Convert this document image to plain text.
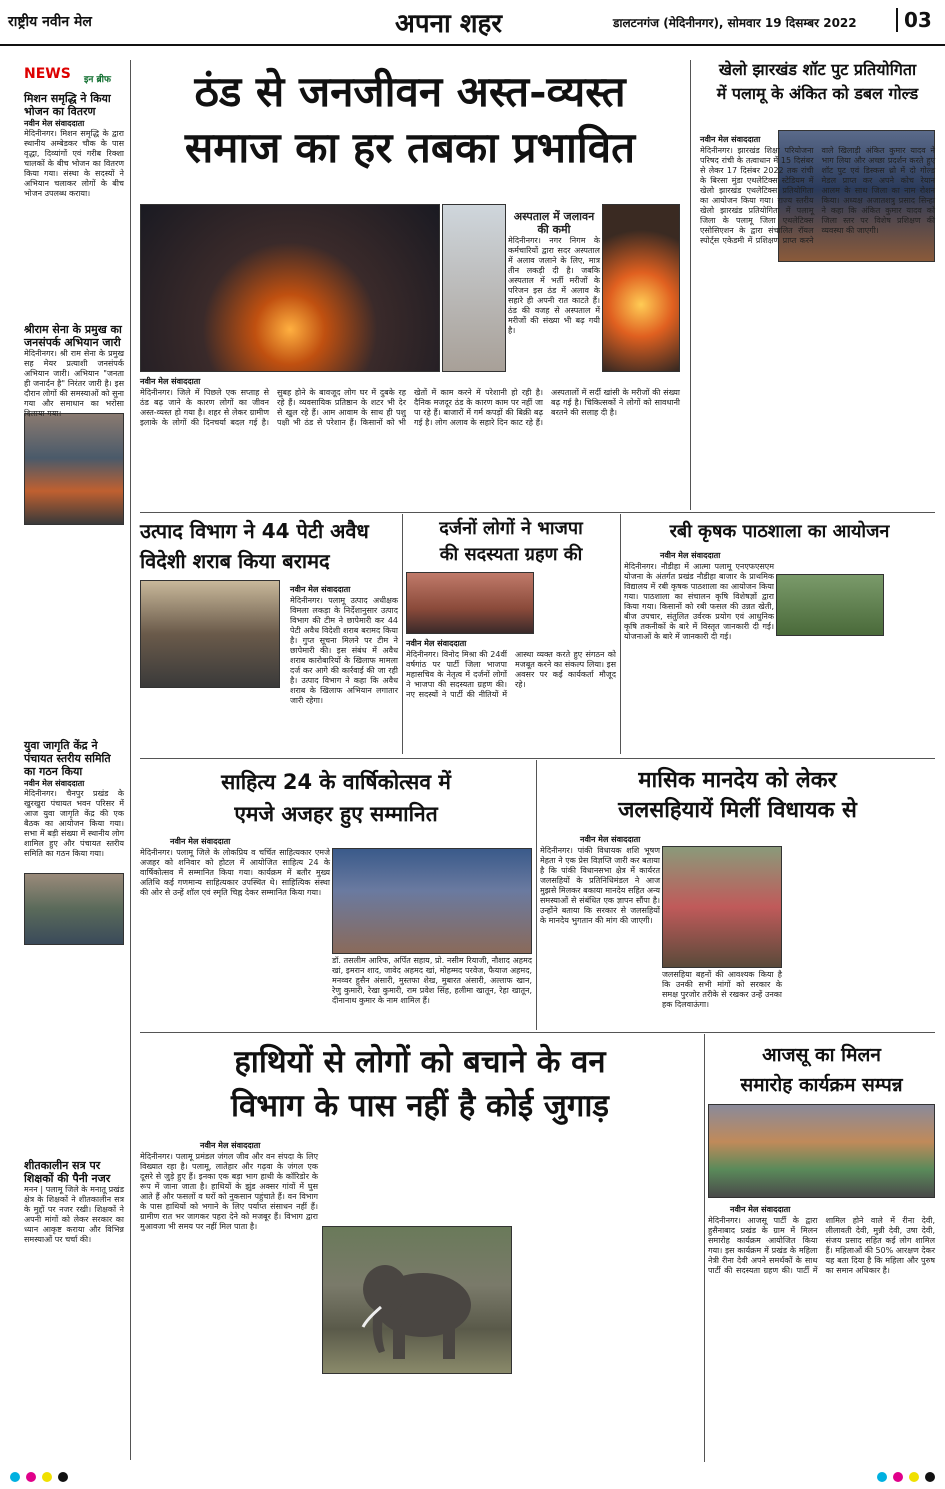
राष्ट्रीय नवीन मेल	अपना शहर	डालटनगंज (मेदिनीनगर), सोमवार 19 दिसम्बर 2022	03
NEWS इन ब्रीफ
मिशन समृद्धि ने किया भोजन का वितरण
नवीन मेल संवाददाता
मेदिनीनगर। मिशन समृद्धि के द्वारा स्थानीय अम्बेडकर चौक के पास वृद्धा, दिव्यांगों एवं गरीब रिक्शा चालकों के बीच भोजन का वितरण किया गया। संस्था के सदस्यों ने अभियान चलाकर लोगों के बीच भोजन उपलब्ध कराया।
श्रीराम सेना के प्रमुख का जनसंपर्क अभियान जारी
मेदिनीनगर। श्री राम सेना के प्रमुख सह मेयर प्रत्याशी जनसंपर्क अभियान जारी। अभियान "जनता ही जनार्दन है" निरंतर जारी है। इस दौरान लोगों की समस्याओं को सुना गया और समाधान का भरोसा दिलाया गया।
युवा जागृति केंद्र ने पंचायत स्तरीय समिति का गठन किया
नवीन मेल संवाददाता
मेदिनीनगर। चैनपुर प्रखंड के खुरखुरा पंचायत भवन परिसर में आज युवा जागृति केंद्र की एक बैठक का आयोजन किया गया। सभा में बड़ी संख्या में स्थानीय लोग शामिल हुए और पंचायत स्तरीय समिति का गठन किया गया।
शीतकालीन सत्र पर शिक्षकों की पैनी नजर
मनन | पलामू जिले के मनातू प्रखंड क्षेत्र के शिक्षकों ने शीतकालीन सत्र के मुद्दों पर नजर रखी। शिक्षकों ने अपनी मांगों को लेकर सरकार का ध्यान आकृष्ट कराया और विभिन्न समस्याओं पर चर्चा की।
ठंड से जनजीवन अस्त-व्यस्त
समाज का हर तबका प्रभावित
अस्पताल में जलावन की कमी
मेदिनीनगर। नगर निगम के कर्मचारियों द्वारा सदर अस्पताल में अलाव जलाने के लिए, मात्र तीन लकड़ी दी है। जबकि अस्पताल में भर्ती मरीजों के परिजन इस ठंड में अलाव के सहारे ही अपनी रात काटते हैं। ठंड की वजह से अस्पताल में मरीजों की संख्या भी बढ़ गयी है।
नवीन मेल संवाददाता
मेदिनीनगर। जिले में पिछले एक सप्ताह से ठंड बढ़ जाने के कारण लोगों का जीवन अस्त-व्यस्त हो गया है। शहर से लेकर ग्रामीण इलाके के लोगों की दिनचर्या बदल गई है। सुबह होने के बावजूद लोग घर में दुबके रह रहे हैं। व्यवसायिक प्रतिष्ठान के शटर भी देर से खुल रहे हैं। आम आवाम के साथ ही पशु पक्षी भी ठंड से परेशान हैं। किसानों को भी खेतों में काम करने में परेशानी हो रही है। दैनिक मजदूर ठंड के कारण काम पर नहीं जा पा रहे हैं। बाजारों में गर्म कपड़ों की बिक्री बढ़ गई है। लोग अलाव के सहारे दिन काट रहे हैं। अस्पतालों में सर्दी खांसी के मरीजों की संख्या बढ़ गई है। चिकित्सकों ने लोगों को सावधानी बरतने की सलाह दी है।
खेलो झारखंड शॉट पुट प्रतियोगिता
में पलामू के अंकित को डबल गोल्ड
नवीन मेल संवाददाता
मेदिनीनगर। झारखंड शिक्षा परियोजना परिषद रांची के तत्वाधान में 15 दिसंबर से लेकर 17 दिसंबर 2022 तक रांची के बिरसा मुंडा एथलेटिक्स स्टेडियम में खेलो झारखंड एथलेटिक्स प्रतियोगिता का आयोजन किया गया। राज्य स्तरीय खेलो झारखंड प्रतियोगिता में पलामू जिला के पलामू जिला एथलेटिक्स एसोसिएशन के द्वारा संचालित रॉयल स्पोर्ट्स एकेडमी में प्रशिक्षण प्राप्त करने वाले खिलाड़ी अंकित कुमार यादव ने भाग लिया और अच्छा प्रदर्शन करते हुए शॉट पुट एवं डिस्कस थ्रो में दो गोल्ड मेडल प्राप्त कर अपने कोच रेयान आलम के साथ जिला का नाम रोशन किया। अध्यक्ष अजातशत्रु प्रसाद सिन्हा ने कहा कि अंकित कुमार यादव को जिला स्तर पर विशेष प्रशिक्षण की व्यवस्था की जाएगी।
उत्पाद विभाग ने 44 पेटी अवैध
विदेशी शराब किया बरामद
नवीन मेल संवाददाता
मेदिनीनगर। पलामू उत्पाद अधीक्षक विमला लकड़ा के निर्देशानुसार उत्पाद विभाग की टीम ने छापेमारी कर 44 पेटी अवैध विदेशी शराब बरामद किया है। गुप्त सूचना मिलने पर टीम ने छापेमारी की। इस संबंध में अवैध शराब कारोबारियों के खिलाफ मामला दर्ज कर आगे की कार्रवाई की जा रही है। उत्पाद विभाग ने कहा कि अवैध शराब के खिलाफ अभियान लगातार जारी रहेगा।
दर्जनों लोगों ने भाजपा
की सदस्यता ग्रहण की
नवीन मेल संवाददाता
मेदिनीनगर। विनोद मिश्रा की 24वीं वर्षगांठ पर पार्टी जिला भाजपा महासचिव के नेतृत्व में दर्जनों लोगों ने भाजपा की सदस्यता ग्रहण की। नए सदस्यों ने पार्टी की नीतियों में आस्था व्यक्त करते हुए संगठन को मजबूत करने का संकल्प लिया। इस अवसर पर कई कार्यकर्ता मौजूद रहे।
रबी कृषक पाठशाला का आयोजन
नवीन मेल संवाददाता
मेदिनीनगर। नौडीहा में आत्मा पलामू एनएफएसएम योजना के अंतर्गत प्रखंड नौडीहा बाजार के प्राथमिक विद्यालय में रबी कृषक पाठशाला का आयोजन किया गया। पाठशाला का संचालन कृषि विशेषज्ञों द्वारा किया गया। किसानों को रबी फसल की उन्नत खेती, बीज उपचार, संतुलित उर्वरक प्रयोग एवं आधुनिक कृषि तकनीकों के बारे में विस्तृत जानकारी दी गई। योजनाओं के बारे में जानकारी दी गई।
साहित्य 24 के वार्षिकोत्सव में
एमजे अजहर हुए सम्मानित
नवीन मेल संवाददाता
मेदिनीनगर। पलामू जिले के लोकप्रिय व चर्चित साहित्यकार एमजे अजहर को शनिवार को होटल में आयोजित साहित्य 24 के वार्षिकोत्सव में सम्मानित किया गया। कार्यक्रम में बतौर मुख्य अतिथि कई गणमान्य साहित्यकार उपस्थित थे। साहित्यिक संस्था की ओर से उन्हें शॉल एवं स्मृति चिह्न देकर सम्मानित किया गया।
डॉ. तसलीम आरिफ, अर्पित सहाय, प्रो. नसीम रियाजी, नौशाद अहमद खां, इमरान शाद, जावेद अहमद खां, मोहम्मद परवेज, फैयाज अहमद, मनव्वर हुसैन अंसारी, मुस्तफा शेख, मुबारत अंसारी, अल्ताफ खान, रेणु कुमारी, रेखा कुमारी, राम प्रवेश सिंह, हलीमा खातून, रेहा खातून, दीनानाथ कुमार के नाम शामिल हैं।
मासिक मानदेय को लेकर
जलसहियायें मिलीं विधायक से
नवीन मेल संवाददाता
मेदिनीनगर। पांकी विधायक शशि भूषण मेहता ने एक प्रेस विज्ञप्ति जारी कर बताया है कि पांकी विधानसभा क्षेत्र में कार्यरत जलसहियों के प्रतिनिधिमंडल ने आज मुझसे मिलकर बकाया मानदेय सहित अन्य समस्याओं से संबंधित एक ज्ञापन सौंपा है। उन्होंने बताया कि सरकार से जलसहियों के मानदेय भुगतान की मांग की जाएगी।
जलसहिया बहनों की आवश्यक किया है कि उनकी सभी मांगों को सरकार के समक्ष पुरजोर तरीके से रखकर उन्हें उनका हक दिलवाऊंगा।
हाथियों से लोगों को बचाने के वन
विभाग के पास नहीं है कोई जुगाड़
नवीन मेल संवाददाता
मेदिनीनगर। पलामू प्रमंडल जंगल जीव और वन संपदा के लिए विख्यात रहा है। पलामू, लातेहार और गढ़वा के जंगल एक दूसरे से जुड़े हुए हैं। इनका एक बड़ा भाग हाथी के कॉरिडोर के रूप में जाना जाता है। हाथियों के झुंड अक्सर गांवों में घुस आते हैं और फसलों व घरों को नुकसान पहुंचाते हैं। वन विभाग के पास हाथियों को भगाने के लिए पर्याप्त संसाधन नहीं हैं। ग्रामीण रात भर जागकर पहरा देने को मजबूर हैं। विभाग द्वारा मुआवजा भी समय पर नहीं मिल पाता है।
आजसू का मिलन
समारोह कार्यक्रम सम्पन्न
नवीन मेल संवाददाता
मेदिनीनगर। आजसू पार्टी के द्वारा हुसैनाबाद प्रखंड के ग्राम में मिलन समारोह कार्यक्रम आयोजित किया गया। इस कार्यक्रम में प्रखंड के महिला नेत्री रीना देवी अपने समर्थकों के साथ पार्टी की सदस्यता ग्रहण की। पार्टी में शामिल होने वाले में रीना देवी, लीलावती देवी, मुन्नी देवी, उषा देवी, संजय प्रसाद सहित कई लोग शामिल हैं। महिलाओं की 50% आरक्षण देकर यह बता दिया है कि महिला और पुरुष का समान अधिकार है।
